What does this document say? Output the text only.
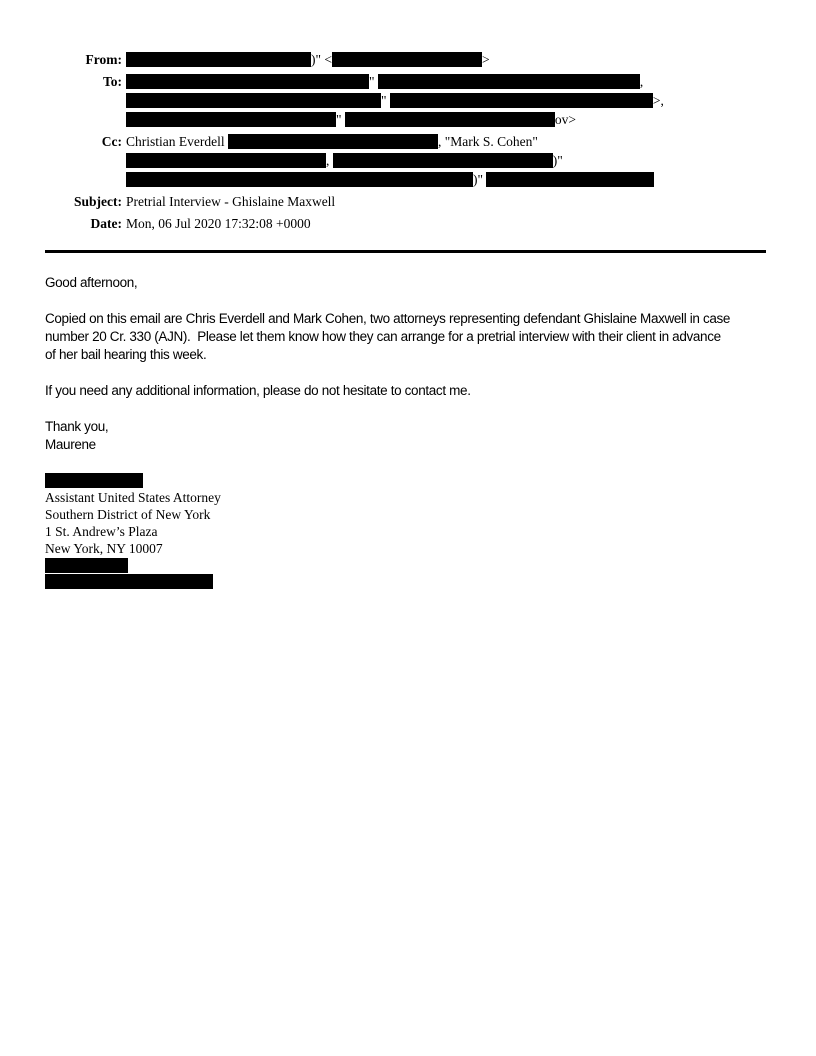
From:	)" <	>
To:	"	,
"	>,
"	ov>
Cc: Christian Everdell	, "Mark S. Cohen"
,	)"
)"
Subject: Pretrial Interview - Ghislaine Maxwell
Date: Mon, 06 Jul 2020 17:32:08 +0000
Good afternoon,
Copied on this email are Chris Everdell and Mark Cohen, two attorneys representing defendant Ghislaine Maxwell in case
number 20 Cr. 330 (AJN).  Please let them know how they can arrange for a pretrial interview with their client in advance
of her bail hearing this week.
If you need any additional information, please do not hesitate to contact me.
Thank you,
Maurene
Assistant United States Attorney
Southern District of New York
1 St. Andrew’s Plaza
New York, NY 10007
